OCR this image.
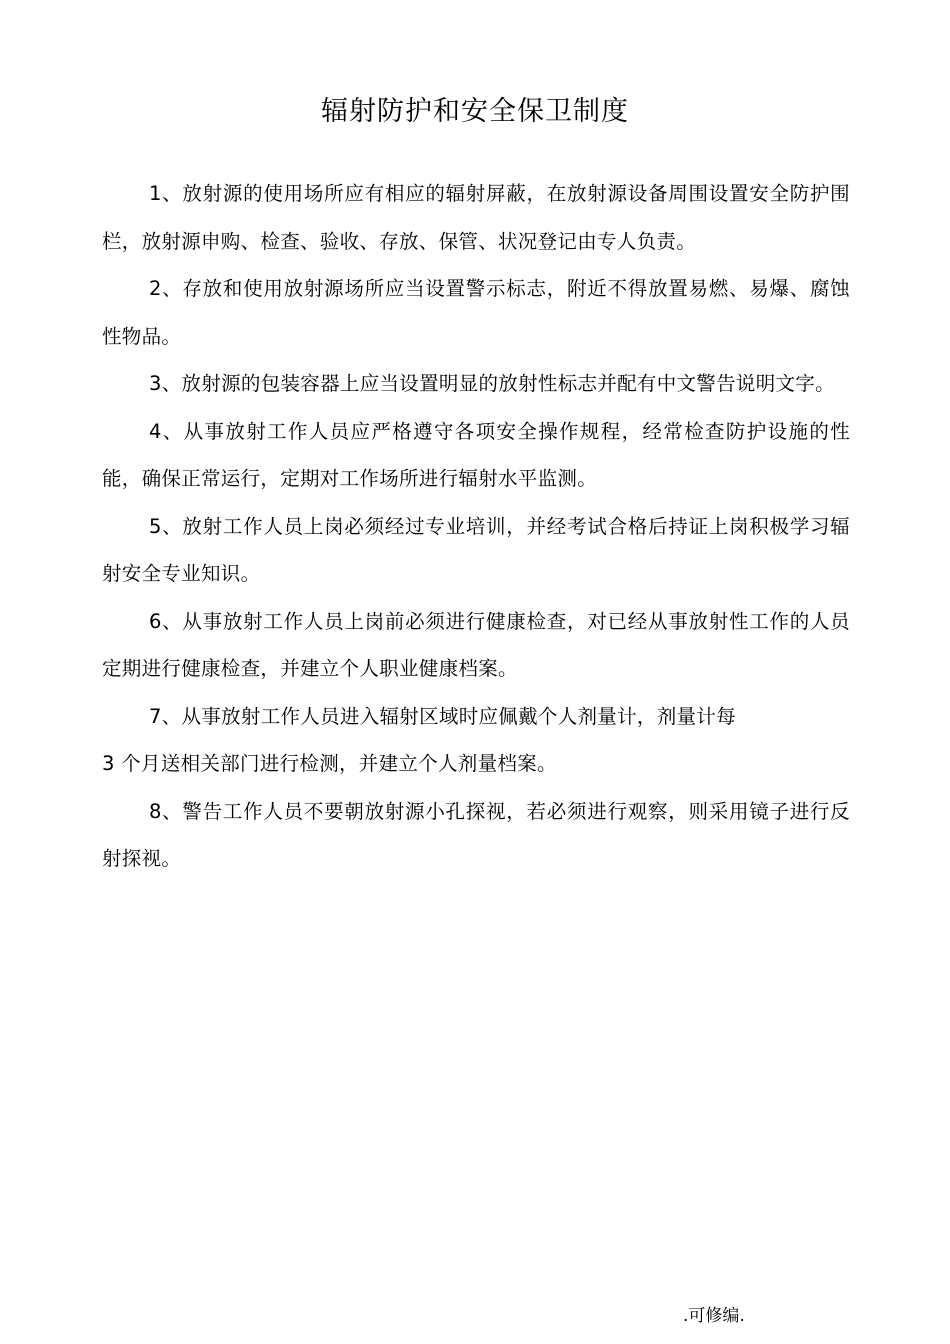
辐射防护和安全保卫制度

1、放射源的使用场所应有相应的辐射屏蔽，在放射源设备周围设置安全防护围栏，放射源申购、检查、验收、存放、保管、状况登记由专人负责。

2、存放和使用放射源场所应当设置警示标志，附近不得放置易燃、易爆、腐蚀性物品。

3、放射源的包装容器上应当设置明显的放射性标志并配有中文警告说明文字。

4、从事放射工作人员应严格遵守各项安全操作规程，经常检查防护设施的性能，确保正常运行，定期对工作场所进行辐射水平监测。

5、放射工作人员上岗必须经过专业培训，并经考试合格后持证上岗积极学习辐射安全专业知识。

6、从事放射工作人员上岗前必须进行健康检查，对已经从事放射性工作的人员定期进行健康检查，并建立个人职业健康档案。

7、从事放射工作人员进入辐射区域时应佩戴个人剂量计，剂量计每
3 个月送相关部门进行检测，并建立个人剂量档案。

8、警告工作人员不要朝放射源小孔探视，若必须进行观察，则采用镜子进行反射探视。

.可修编.
